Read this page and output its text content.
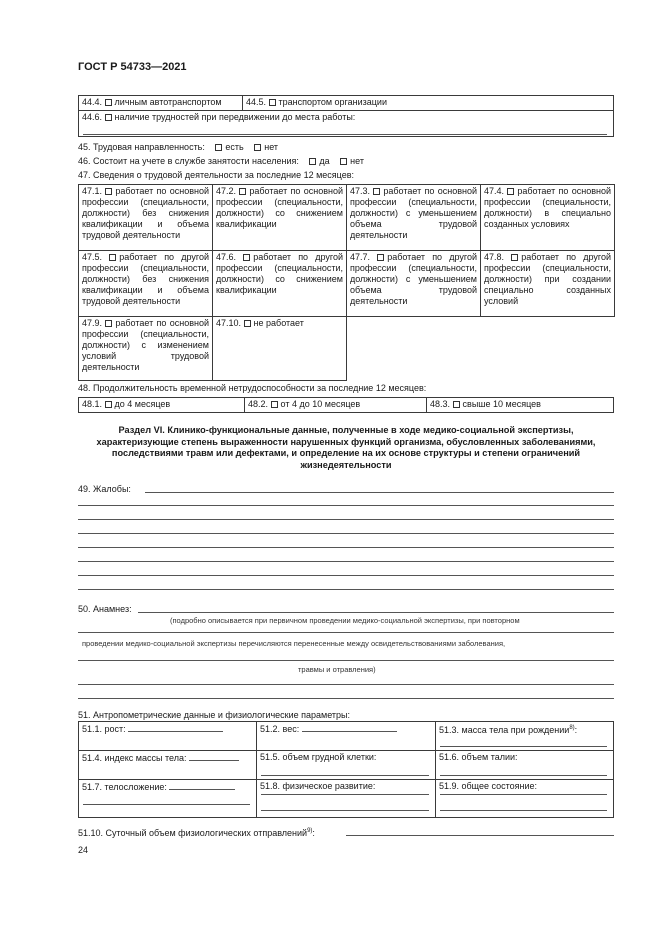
ГОСТ Р 54733—2021
44.4. личным автотранспортом	44.5. транспортом организации
44.6. наличие трудностей при передвижении до места работы:
45. Трудовая направленность: есть нет
46. Состоит на учете в службе занятости населения: да нет
47. Сведения о трудовой деятельности за последние 12 месяцев:
47.1. работает по основной профессии (специальности, должности) без снижения квалификации и объема трудовой деятельности	47.2. работает по основной профессии (специальности, должности) со снижением квалификации	47.3. работает по основной профессии (специальности, должности) с уменьшением объема трудовой деятельности	47.4. работает по основной профессии (специальности, должности) в специально созданных условиях
47.5. работает по другой профессии (специальности, должности) без снижения квалификации и объема трудовой деятельности	47.6. работает по другой профессии (специальности, должности) со снижением квалификации	47.7. работает по другой профессии (специальности, должности) с уменьшением объема трудовой деятельности	47.8. работает по другой профессии (специальности, должности) при создании специально созданных условий
47.9. работает по основной профессии (специальности, должности) с изменением условий трудовой деятельности	47.10. не работает		
48. Продолжительность временной нетрудоспособности за последние 12 месяцев:
48.1. до 4 месяцев	48.2. от 4 до 10 месяцев	48.3. свыше 10 месяцев
Раздел VI. Клинико-функциональные данные, полученные в ходе медико-социальной экспертизы, характеризующие степень выраженности нарушенных функций организма, обусловленных заболеваниями, последствиями травм или дефектами, и определение на их основе структуры и степени ограничений жизнедеятельности
49. Жалобы:
50. Анамнез:
(подробно описывается при первичном проведении медико-социальной экспертизы, при повторном
проведении медико-социальной экспертизы перечисляются перенесенные между освидетельствованиями заболевания,
травмы и отравления)
51. Антропометрические данные и физиологические параметры:
51.1. рост:	51.2. вес:	51.3. масса тела при рождении$^{8)}$:

51.4. индекс массы тела:	51.5. объем грудной клетки:	51.6. объем талии:

51.7. телосложение:	51.8. физическое развитие:	51.9. общее состояние:
51.10. Суточный объем физиологических отправлений$^{9)}$:
24
